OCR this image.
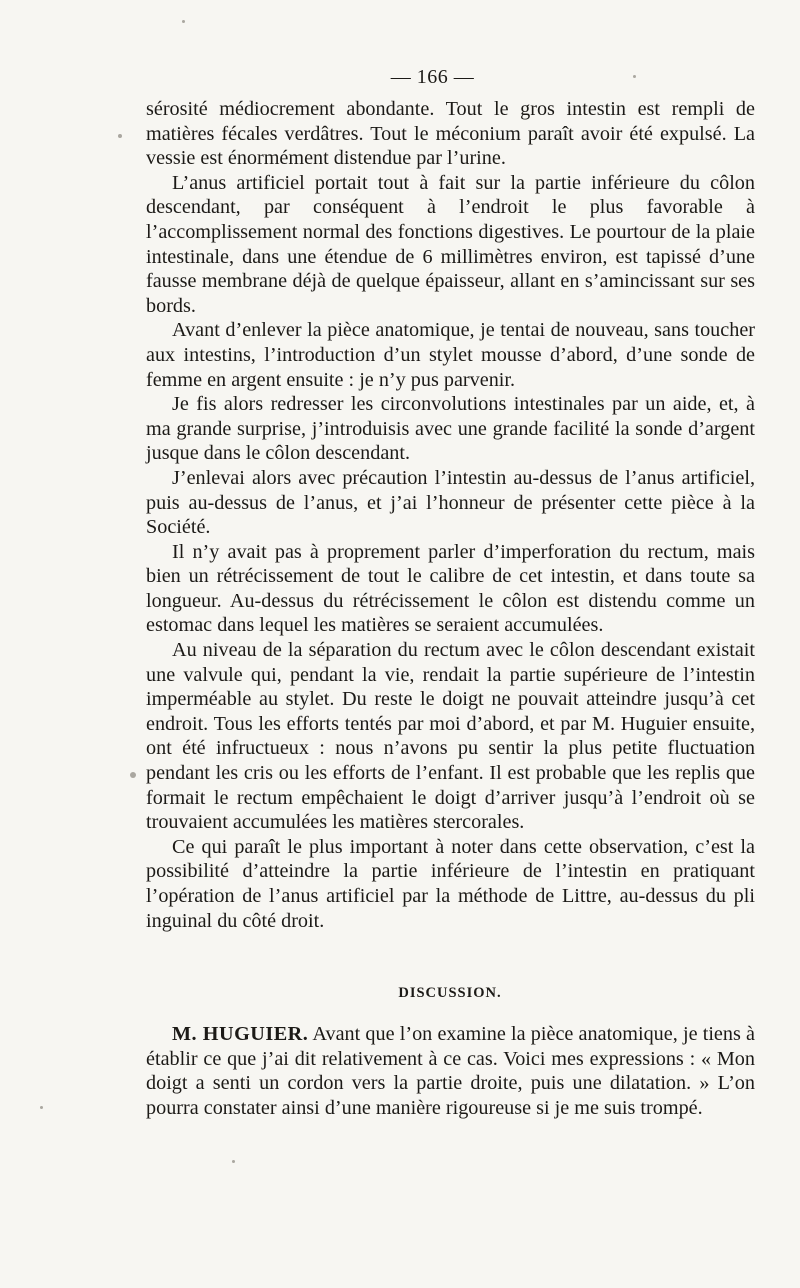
— 166 —

sérosité médiocrement abondante. Tout le gros intestin est rempli de matières fécales verdâtres. Tout le méconium paraît avoir été expulsé. La vessie est énormément distendue par l’urine.

L’anus artificiel portait tout à fait sur la partie inférieure du côlon descendant, par conséquent à l’endroit le plus favorable à l’accomplissement normal des fonctions digestives. Le pourtour de la plaie intestinale, dans une étendue de 6 millimètres environ, est tapissé d’une fausse membrane déjà de quelque épaisseur, allant en s’amincissant sur ses bords.

Avant d’enlever la pièce anatomique, je tentai de nouveau, sans toucher aux intestins, l’introduction d’un stylet mousse d’abord, d’une sonde de femme en argent ensuite : je n’y pus parvenir.

Je fis alors redresser les circonvolutions intestinales par un aide, et, à ma grande surprise, j’introduisis avec une grande facilité la sonde d’argent jusque dans le côlon descendant.

J’enlevai alors avec précaution l’intestin au-dessus de l’anus artificiel, puis au-dessus de l’anus, et j’ai l’honneur de présenter cette pièce à la Société.

Il n’y avait pas à proprement parler d’imperforation du rectum, mais bien un rétrécissement de tout le calibre de cet intestin, et dans toute sa longueur. Au-dessus du rétrécissement le côlon est distendu comme un estomac dans lequel les matières se seraient accumulées.

Au niveau de la séparation du rectum avec le côlon descendant existait une valvule qui, pendant la vie, rendait la partie supérieure de l’intestin imperméable au stylet. Du reste le doigt ne pouvait atteindre jusqu’à cet endroit. Tous les efforts tentés par moi d’abord, et par M. Huguier ensuite, ont été infructueux : nous n’avons pu sentir la plus petite fluctuation pendant les cris ou les efforts de l’enfant. Il est probable que les replis que formait le rectum empêchaient le doigt d’arriver jusqu’à l’endroit où se trouvaient accumulées les matières stercorales.

Ce qui paraît le plus important à noter dans cette observation, c’est la possibilité d’atteindre la partie inférieure de l’intestin en pratiquant l’opération de l’anus artificiel par la méthode de Littre, au-dessus du pli inguinal du côté droit.

DISCUSSION.

M. HUGUIER. Avant que l’on examine la pièce anatomique, je tiens à établir ce que j’ai dit relativement à ce cas. Voici mes expressions : « Mon doigt a senti un cordon vers la partie droite, puis une dilatation. » L’on pourra constater ainsi d’une manière rigoureuse si je me suis trompé.
